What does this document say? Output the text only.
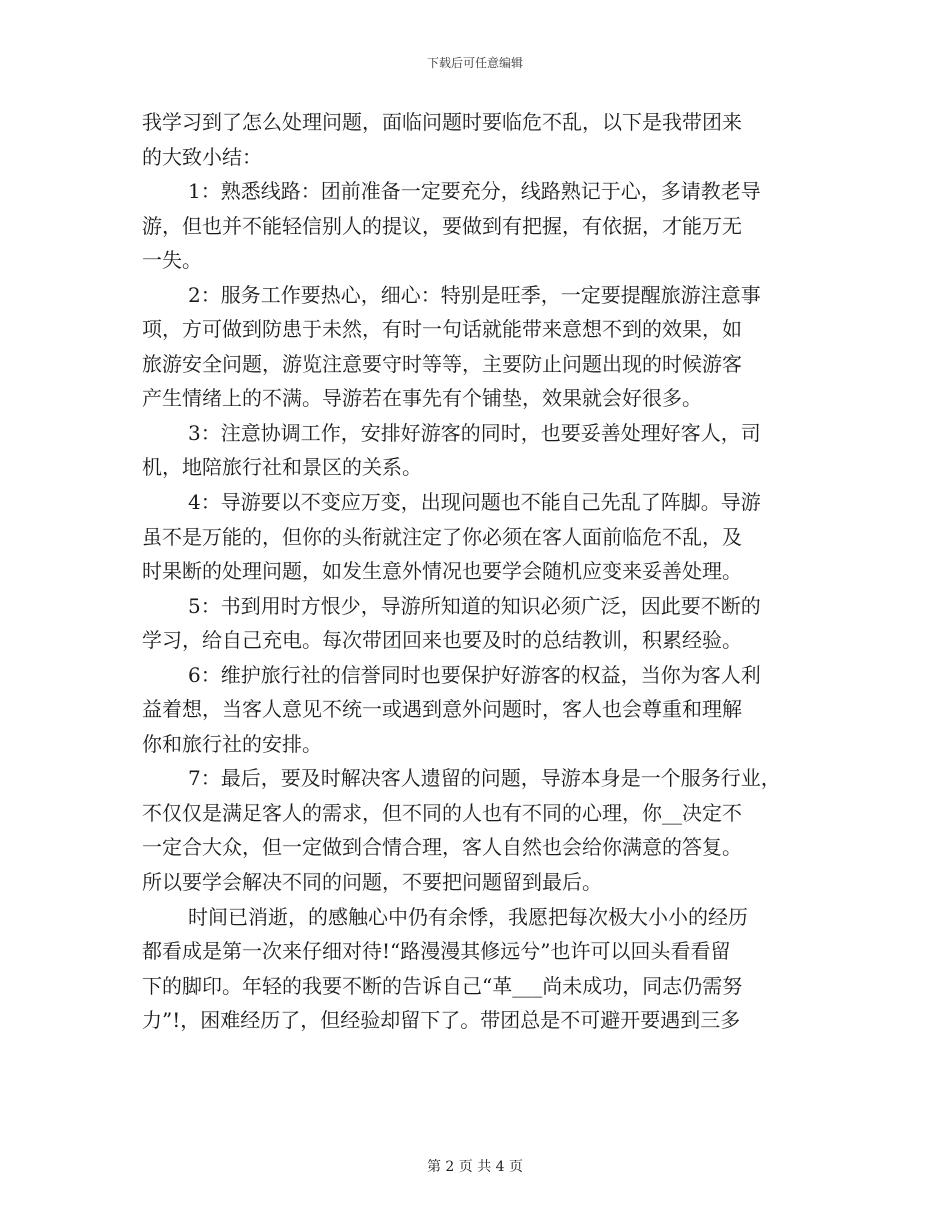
下载后可任意编辑
我学习到了怎么处理问题，面临问题时要临危不乱，以下是我带团来
的大致小结：
1：熟悉线路：团前准备一定要充分，线路熟记于心，多请教老导
游，但也并不能轻信别人的提议，要做到有把握，有依据，才能万无
一失。
2：服务工作要热心，细心：特别是旺季，一定要提醒旅游注意事
项，方可做到防患于未然，有时一句话就能带来意想不到的效果，如
旅游安全问题，游览注意要守时等等，主要防止问题出现的时候游客
产生情绪上的不满。导游若在事先有个铺垫，效果就会好很多。
3：注意协调工作，安排好游客的同时，也要妥善处理好客人，司
机，地陪旅行社和景区的关系。
4：导游要以不变应万变，出现问题也不能自己先乱了阵脚。导游
虽不是万能的，但你的头衔就注定了你必须在客人面前临危不乱，及
时果断的处理问题，如发生意外情况也要学会随机应变来妥善处理。
5：书到用时方恨少，导游所知道的知识必须广泛，因此要不断的
学习，给自己充电。每次带团回来也要及时的总结教训，积累经验。
6：维护旅行社的信誉同时也要保护好游客的权益，当你为客人利
益着想，当客人意见不统一或遇到意外问题时，客人也会尊重和理解
你和旅行社的安排。
7：最后，要及时解决客人遗留的问题，导游本身是一个服务行业，
不仅仅是满足客人的需求，但不同的人也有不同的心理，你__决定不
一定合大众，但一定做到合情合理，客人自然也会给你满意的答复。
所以要学会解决不同的问题，不要把问题留到最后。
时间已消逝，的感触心中仍有余悸，我愿把每次极大小小的经历
都看成是第一次来仔细对待!“路漫漫其修远兮”也许可以回头看看留
下的脚印。年轻的我要不断的告诉自己“革___尚未成功，同志仍需努
力”!，困难经历了，但经验却留下了。带团总是不可避开要遇到三多
第 2 页 共 4 页
